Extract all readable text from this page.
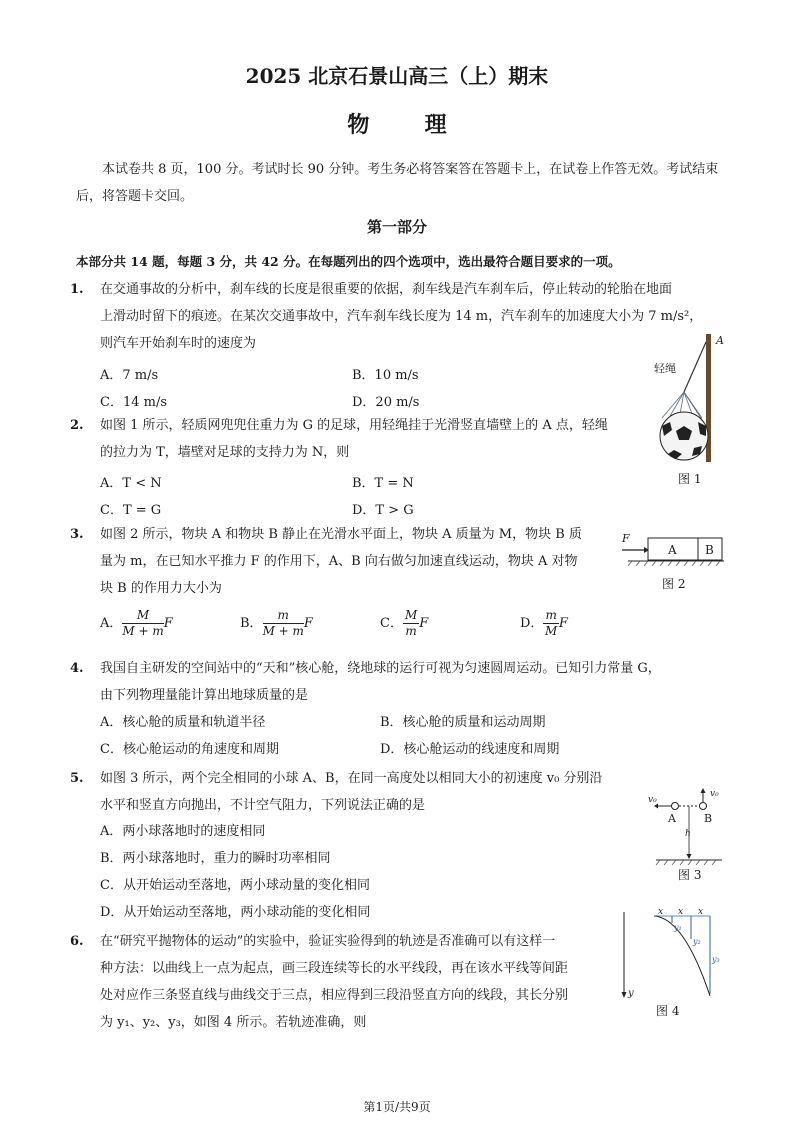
2025 北京石景山高三（上）期末
物	理
本试卷共 8 页，100 分。考试时长 90 分钟。考生务必将答案答在答题卡上，在试卷上作答无效。考试结束后，将答题卡交回。
第一部分
本部分共 14 题，每题 3 分，共 42 分。在每题列出的四个选项中，选出最符合题目要求的一项。
1. 在交通事故的分析中，刹车线的长度是很重要的依据，刹车线是汽车刹车后，停止转动的轮胎在地面
上滑动时留下的痕迹。在某次交通事故中，汽车刹车线长度为 14 m，汽车刹车的加速度大小为 7 m/s²，
则汽车开始刹车时的速度为
A．7 m/s	B．10 m/s
C．14 m/s	D．20 m/s
2. 如图 1 所示，轻质网兜兜住重力为 G 的足球，用轻绳挂于光滑竖直墙壁上的 A 点，轻绳
的拉力为 T，墙壁对足球的支持力为 N，则
A．T < N	B．T = N
C．T = G	D．T > G
3. 如图 2 所示，物块 A 和物块 B 静止在光滑水平面上，物块 A 质量为 M，物块 B 质
量为 m，在已知水平推力 F 的作用下，A、B 向右做匀加速直线运动，物块 A 对物
块 B 的作用力大小为
A． $\frac{M}{M + m}$ F	B． $\frac{m}{M + m}$ F	C． $\frac{M}{m}$ F	D． $\frac{m}{M}$ F
4. 我国自主研发的空间站中的“天和”核心舱，绕地球的运行可视为匀速圆周运动。已知引力常量 G，
由下列物理量能计算出地球质量的是
A．核心舱的质量和轨道半径	B．核心舱的质量和运动周期
C．核心舱运动的角速度和周期	D．核心舱运动的线速度和周期
5. 如图 3 所示，两个完全相同的小球 A、B，在同一高度处以相同大小的初速度 v₀ 分别沿
水平和竖直方向抛出，不计空气阻力，下列说法正确的是
A．两小球落地时的速度相同
B．两小球落地时，重力的瞬时功率相同
C．从开始运动至落地，两小球动量的变化相同
D．从开始运动至落地，两小球动能的变化相同
6. 在“研究平抛物体的运动”的实验中，验证实验得到的轨迹是否准确可以有这样一
种方法：以曲线上一点为起点，画三段连续等长的水平线段，再在该水平线等间距
处对应作三条竖直线与曲线交于三点，相应得到三段沿竖直方向的线段，其长分别
为 y₁、y₂、y₃，如图 4 所示。若轨迹准确，则
轻绳
A
图 1
F
A B
图 2
v₀
v₀
A	B
h
图 3
y
x x x
y₁
y₂
y₃
图 4
第1页/共9页
